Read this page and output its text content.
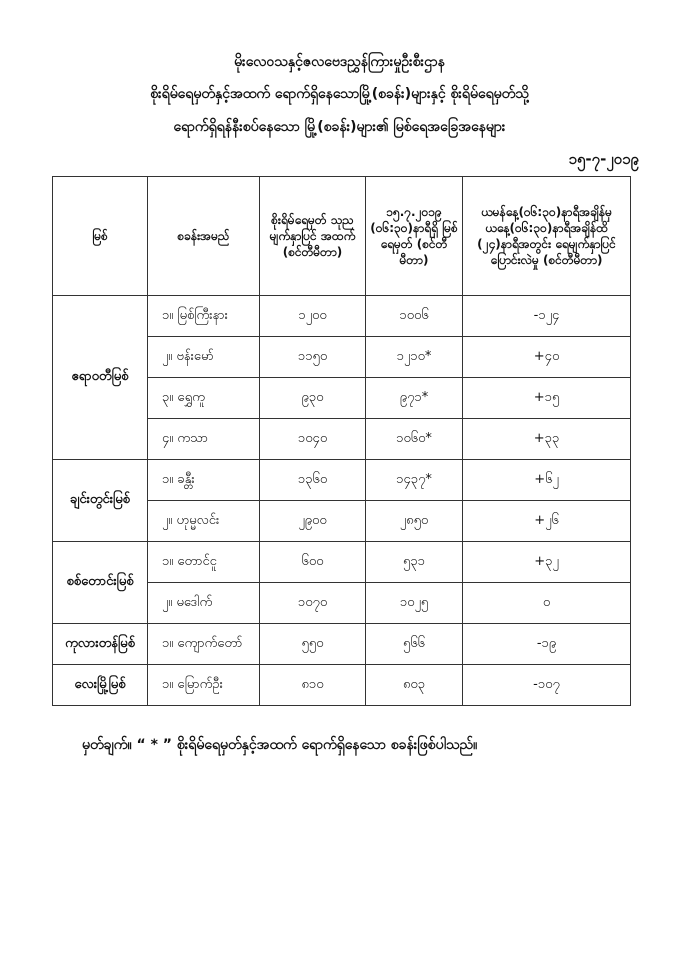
မိုးလေဝသနှင့်ဇလဗေဒညွှန်ကြားမှုဦးစီးဌာန
စိုးရိမ်ရေမှတ်နှင့်အထက် ရောက်ရှိနေသောမြို့(စခန်း)များနှင့် စိုးရိမ်ရေမှတ်သို့
ရောက်ရှိရန်နီးစပ်နေသော မြို့(စခန်း)များ၏ မြစ်ရေအခြေအနေများ
၁၅-၇-၂၀၁၉
မြစ်	စခန်းအမည်	စိုးရိမ်ရေမှတ် သုညမျက်နှာပြင် အထက် (စင်တီမီတာ)	၁၅.၇.၂၀၁၉ (၀၆:၃၀)နာရီရှိ မြစ်ရေမှတ် (စင်တီမီတာ)	ယမန်နေ့(၀၆:၃၀)နာရီအချိန်မှ ယနေ့(၀၆:၃၀)နာရီအချိန်ထိ (၂၄)နာရီအတွင်း ရေမျက်နှာပြင်ပြောင်းလဲမှု (စင်တီမီတာ)
ဧရာဝတီမြစ်	၁။ မြစ်ကြီးနား	၁၂၀၀	၁၀၀၆	-၁၂၄
	၂။ ဗန်းမော်	၁၁၅၀	၁၂၁၀*	+၄၀
	၃။ ရွှေကူ	၉၃၀	၉၇၁*	+၁၅
	၄။ ကသာ	၁၀၄၀	၁၀၆၀*	+၃၃
ချင်းတွင်းမြစ်	၁။ ခန္တီး	၁၃၆၀	၁၄၃၇*	+၆၂
	၂။ ဟုမ္မလင်း	၂၉၀၀	၂၈၅၀	+၂၆
စစ်တောင်းမြစ်	၁။ တောင်ငူ	၆၀၀	၅၃၁	+၃၂
	၂။ မဒေါက်	၁၀၇၀	၁၀၂၅	၀
ကုလားတန်မြစ်	၁။ ကျောက်တော်	၅၅၀	၅၆၆	-၁၉
လေးမြို့မြစ်	၁။ မြောက်ဦး	၈၁၀	၈၀၃	-၁၀၇
မှတ်ချက်။ “ * ” စိုးရိမ်ရေမှတ်နှင့်အထက် ရောက်ရှိနေသော စခန်းဖြစ်ပါသည်။
